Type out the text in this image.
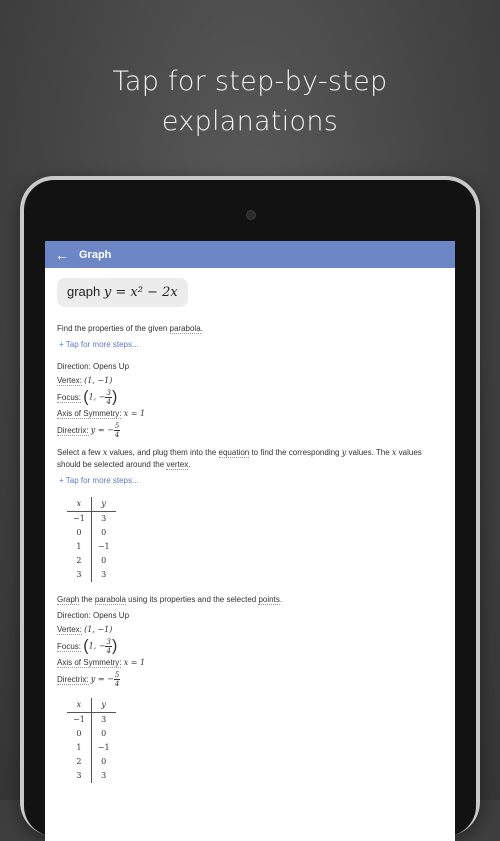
Tap for step-by-step
explanations
← Graph
graph y = x² − 2x
Find the properties of the given parabola.
+ Tap for more steps...
Direction: Opens Up
Vertex: (1, −1)
Focus: (1, − $\frac{3}{4}$ )
Axis of Symmetry: x = 1
Directrix: y = − $\frac{5}{4}$
Select a few x values, and plug them into the equation to find the corresponding y values. The x values should be selected around the vertex.
+ Tap for more steps...
x	y
−1	3
0	0
1	−1
2	0
3	3
Graph the parabola using its properties and the selected points.
Direction: Opens Up
Vertex: (1, −1)
Focus: (1, − $\frac{3}{4}$ )
Axis of Symmetry: x = 1
Directrix: y = − $\frac{5}{4}$
x	y
−1	3
0	0
1	−1
2	0
3	3
